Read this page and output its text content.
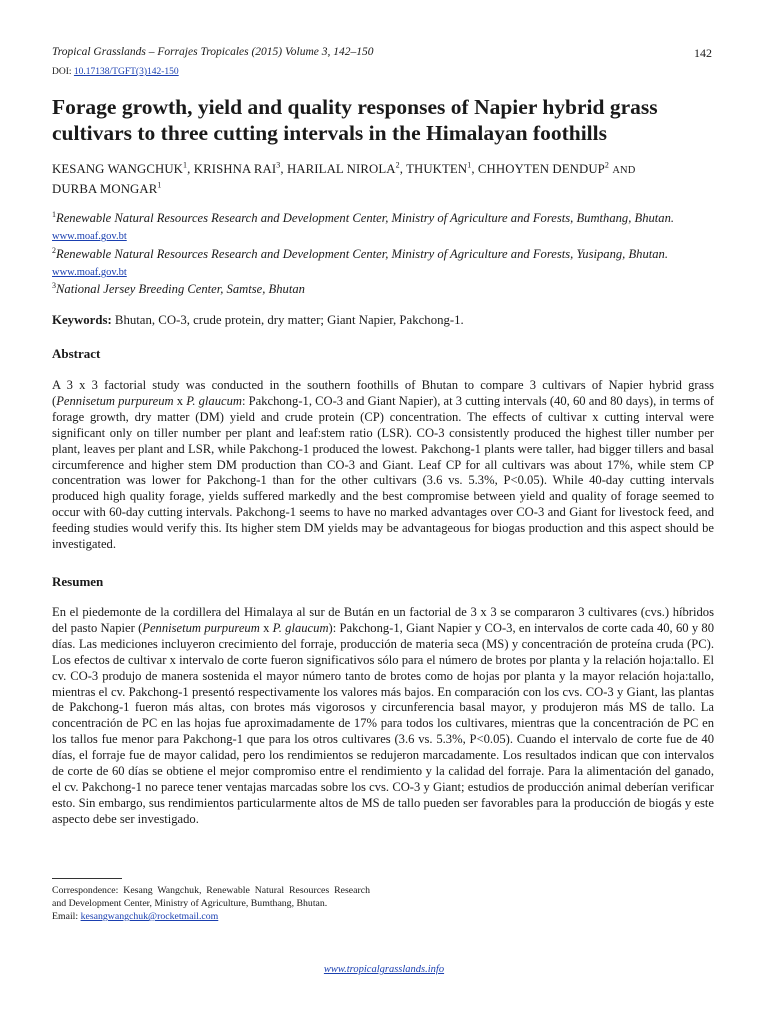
Tropical Grasslands – Forrajes Tropicales (2015) Volume 3, 142–150	142
DOI: 10.17138/TGFT(3)142-150
Forage growth, yield and quality responses of Napier hybrid grass cultivars to three cutting intervals in the Himalayan foothills
KESANG WANGCHUK$^1$, KRISHNA RAI$^3$, HARILAL NIROLA$^2$, THUKTEN$^1$, CHHOYTEN DENDUP$^2$ AND
DURBA MONGAR$^1$
$^1$Renewable Natural Resources Research and Development Center, Ministry of Agriculture and Forests, Bumthang, Bhutan. www.moaf.gov.bt
$^2$Renewable Natural Resources Research and Development Center, Ministry of Agriculture and Forests, Yusipang, Bhutan. www.moaf.gov.bt
$^3$National Jersey Breeding Center, Samtse, Bhutan
Keywords: Bhutan, CO-3, crude protein, dry matter; Giant Napier, Pakchong-1.
Abstract

A 3 x 3 factorial study was conducted in the southern foothills of Bhutan to compare 3 cultivars of Napier hybrid grass (Pennisetum purpureum x P. glaucum: Pakchong-1, CO-3 and Giant Napier), at 3 cutting intervals (40, 60 and 80 days), in terms of forage growth, dry matter (DM) yield and crude protein (CP) concentration. The effects of cultivar x cutting interval were significant only on tiller number per plant and leaf:stem ratio (LSR). CO-3 consistently produced the highest tiller number per plant, leaves per plant and LSR, while Pakchong-1 produced the lowest. Pakchong-1 plants were taller, had bigger tillers and basal circumference and higher stem DM production than CO-3 and Giant. Leaf CP for all cultivars was about 17%, while stem CP concentration was lower for Pakchong-1 than for the other cultivars (3.6 vs. 5.3%, P<0.05). While 40-day cutting intervals produced high quality forage, yields suffered markedly and the best compromise between yield and quality of forage seemed to occur with 60-day cutting intervals. Pakchong-1 seems to have no marked advantages over CO-3 and Giant for livestock feed, and feeding studies would verify this. Its higher stem DM yields may be advantageous for biogas production and this aspect should be investigated.

Resumen

En el piedemonte de la cordillera del Himalaya al sur de Bután en un factorial de 3 x 3 se compararon 3 cultivares (cvs.) híbridos del pasto Napier (Pennisetum purpureum x P. glaucum): Pakchong-1, Giant Napier y CO-3, en intervalos de corte cada 40, 60 y 80 días. Las mediciones incluyeron crecimiento del forraje, producción de materia seca (MS) y concentración de proteína cruda (PC). Los efectos de cultivar x intervalo de corte fueron significativos sólo para el número de brotes por planta y la relación hoja:tallo. El cv. CO-3 produjo de manera sostenida el mayor número tanto de brotes como de hojas por planta y la mayor relación hoja:tallo, mientras el cv. Pakchong-1 presentó respectivamente los valores más bajos. En comparación con los cvs. CO-3 y Giant, las plantas de Pakchong-1 fueron más altas, con brotes más vigorosos y circunferencia basal mayor, y produjeron más MS de tallo. La concentración de PC en las hojas fue aproximadamente de 17% para todos los cultivares, mientras que la concentración de PC en los tallos fue menor para Pakchong-1 que para los otros cultivares (3.6 vs. 5.3%, P<0.05). Cuando el intervalo de corte fue de 40 días, el forraje fue de mayor calidad, pero los rendimientos se redujeron marcadamente. Los resultados indican que con intervalos de corte de 60 días se obtiene el mejor compromiso entre el rendimiento y la calidad del forraje. Para la alimentación del ganado, el cv. Pakchong-1 no parece tener ventajas marcadas sobre los cvs. CO-3 y Giant; estudios de producción animal deberían verificar esto. Sin embargo, sus rendimientos particularmente altos de MS de tallo pueden ser favorables para la producción de biogás y este aspecto debe ser investigado.

Correspondence: Kesang Wangchuk, Renewable Natural Resources Research and Development Center, Ministry of Agriculture, Bumthang, Bhutan.
Email: kesangwangchuk@rocketmail.com
www.tropicalgrasslands.info
